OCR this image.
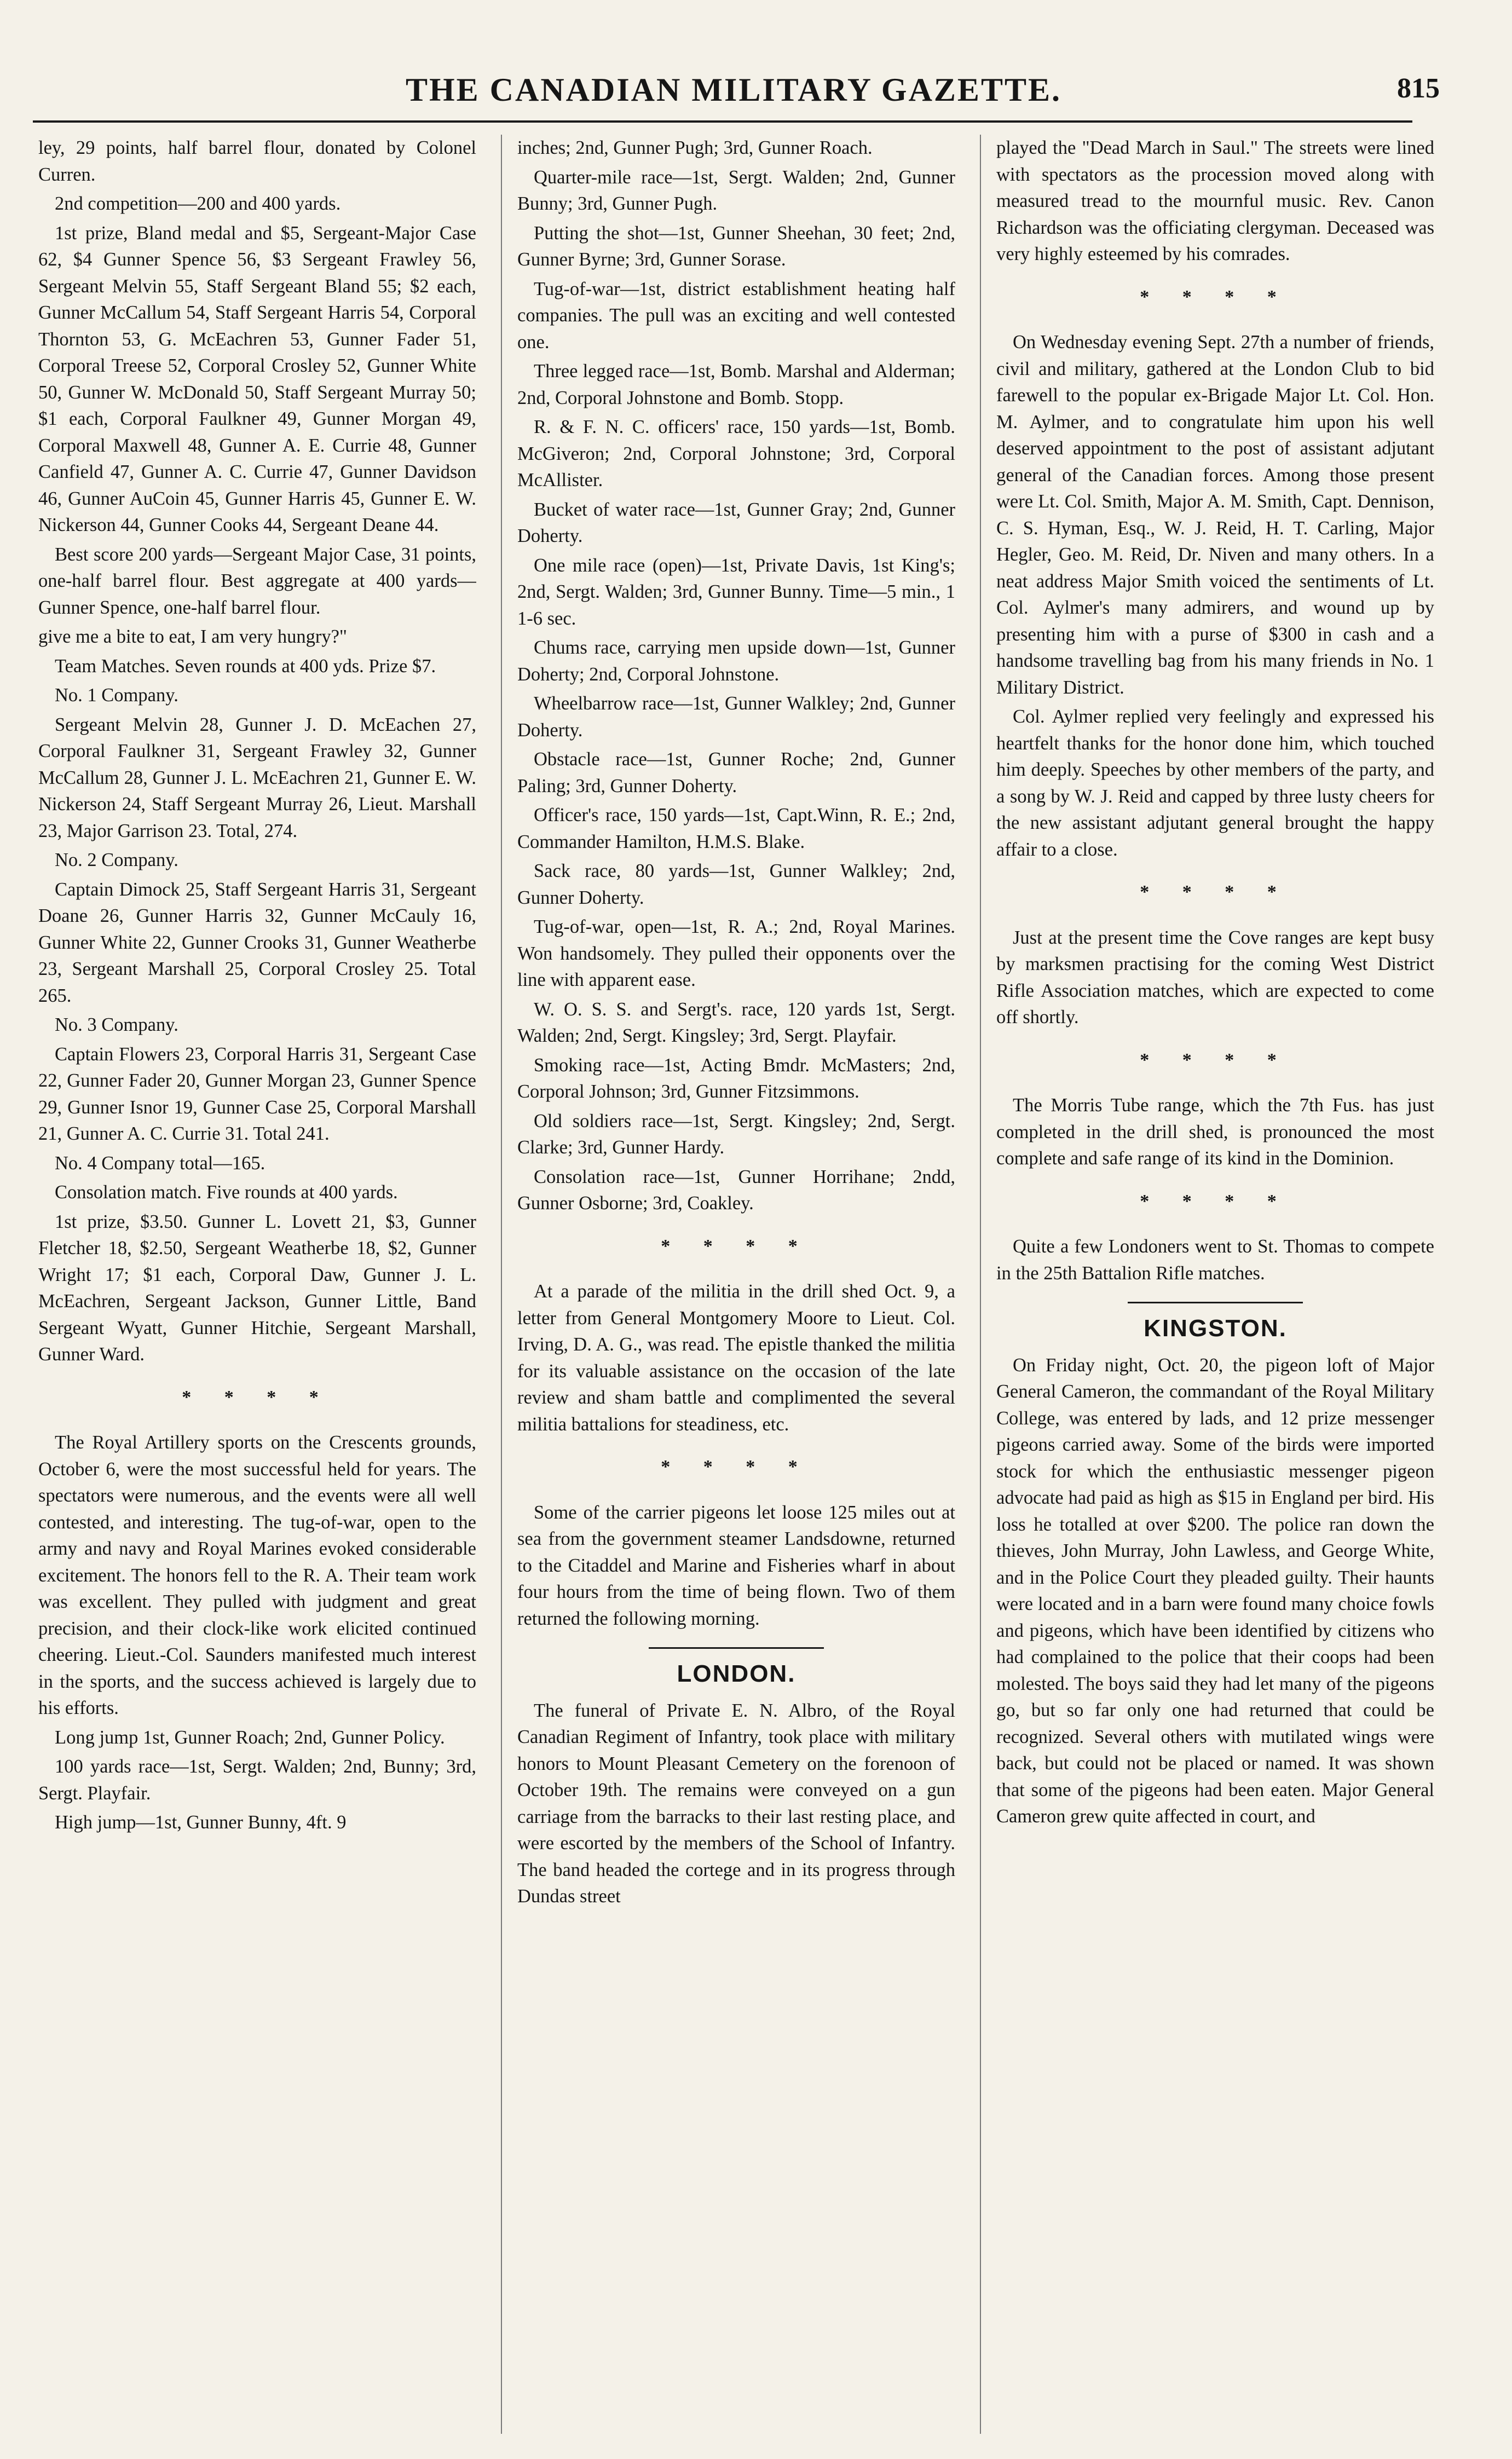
THE CANADIAN MILITARY GAZETTE.	815

ley, 29 points, half barrel flour, donated by Colonel Curren.

2nd competition—200 and 400 yards.

1st prize, Bland medal and $5, Sergeant-Major Case 62, $4 Gunner Spence 56, $3 Sergeant Frawley 56, Sergeant Melvin 55, Staff Sergeant Bland 55; $2 each, Gunner McCallum 54, Staff Sergeant Harris 54, Corporal Thornton 53, G. McEachren 53, Gunner Fader 51, Corporal Treese 52, Corporal Crosley 52, Gunner White 50, Gunner W. McDonald 50, Staff Sergeant Murray 50; $1 each, Corporal Faulkner 49, Gunner Morgan 49, Corporal Maxwell 48, Gunner A. E. Currie 48, Gunner Canfield 47, Gunner A. C. Currie 47, Gunner Davidson 46, Gunner AuCoin 45, Gunner Harris 45, Gunner E. W. Nickerson 44, Gunner Cooks 44, Sergeant Deane 44.

Best score 200 yards—Sergeant Major Case, 31 points, one-half barrel flour. Best aggregate at 400 yards—Gunner Spence, one-half barrel flour.

give me a bite to eat, I am very hungry?"

Team Matches. Seven rounds at 400 yds. Prize $7.

No. 1 Company.

Sergeant Melvin 28, Gunner J. D. McEachen 27, Corporal Faulkner 31, Sergeant Frawley 32, Gunner McCallum 28, Gunner J. L. McEachren 21, Gunner E. W. Nickerson 24, Staff Sergeant Murray 26, Lieut. Marshall 23, Major Garrison 23. Total, 274.

No. 2 Company.

Captain Dimock 25, Staff Sergeant Harris 31, Sergeant Doane 26, Gunner Harris 32, Gunner McCauly 16, Gunner White 22, Gunner Crooks 31, Gunner Weatherbe 23, Sergeant Marshall 25, Corporal Crosley 25. Total 265.

No. 3 Company.

Captain Flowers 23, Corporal Harris 31, Sergeant Case 22, Gunner Fader 20, Gunner Morgan 23, Gunner Spence 29, Gunner Isnor 19, Gunner Case 25, Corporal Marshall 21, Gunner A. C. Currie 31. Total 241.

No. 4 Company total—165.

Consolation match. Five rounds at 400 yards.

1st prize, $3.50. Gunner L. Lovett 21, $3, Gunner Fletcher 18, $2.50, Sergeant Weatherbe 18, $2, Gunner Wright 17; $1 each, Corporal Daw, Gunner J. L. McEachren, Sergeant Jackson, Gunner Little, Band Sergeant Wyatt, Gunner Hitchie, Sergeant Marshall, Gunner Ward.

* * * *

The Royal Artillery sports on the Crescents grounds, October 6, were the most successful held for years. The spectators were numerous, and the events were all well contested, and interesting. The tug-of-war, open to the army and navy and Royal Marines evoked considerable excitement. The honors fell to the R. A. Their team work was excellent. They pulled with judgment and great precision, and their clock-like work elicited continued cheering. Lieut.-Col. Saunders manifested much interest in the sports, and the success achieved is largely due to his efforts.

Long jump 1st, Gunner Roach; 2nd, Gunner Policy.

100 yards race—1st, Sergt. Walden; 2nd, Bunny; 3rd, Sergt. Playfair.

High jump—1st, Gunner Bunny, 4ft. 9

inches; 2nd, Gunner Pugh; 3rd, Gunner Roach.

Quarter-mile race—1st, Sergt. Walden; 2nd, Gunner Bunny; 3rd, Gunner Pugh.

Putting the shot—1st, Gunner Sheehan, 30 feet; 2nd, Gunner Byrne; 3rd, Gunner Sorase.

Tug-of-war—1st, district establishment heating half companies. The pull was an exciting and well contested one.

Three legged race—1st, Bomb. Marshal and Alderman; 2nd, Corporal Johnstone and Bomb. Stopp.

R. & F. N. C. officers' race, 150 yards—1st, Bomb. McGiveron; 2nd, Corporal Johnstone; 3rd, Corporal McAllister.

Bucket of water race—1st, Gunner Gray; 2nd, Gunner Doherty.

One mile race (open)—1st, Private Davis, 1st King's; 2nd, Sergt. Walden; 3rd, Gunner Bunny. Time—5 min., 1 1-6 sec.

Chums race, carrying men upside down—1st, Gunner Doherty; 2nd, Corporal Johnstone.

Wheelbarrow race—1st, Gunner Walkley; 2nd, Gunner Doherty.

Obstacle race—1st, Gunner Roche; 2nd, Gunner Paling; 3rd, Gunner Doherty.

Officer's race, 150 yards—1st, Capt.Winn, R. E.; 2nd, Commander Hamilton, H.M.S. Blake.

Sack race, 80 yards—1st, Gunner Walkley; 2nd, Gunner Doherty.

Tug-of-war, open—1st, R. A.; 2nd, Royal Marines. Won handsomely. They pulled their opponents over the line with apparent ease.

W. O. S. S. and Sergt's. race, 120 yards 1st, Sergt. Walden; 2nd, Sergt. Kingsley; 3rd, Sergt. Playfair.

Smoking race—1st, Acting Bmdr. McMasters; 2nd, Corporal Johnson; 3rd, Gunner Fitzsimmons.

Old soldiers race—1st, Sergt. Kingsley; 2nd, Sergt. Clarke; 3rd, Gunner Hardy.

Consolation race—1st, Gunner Horrihane; 2ndd, Gunner Osborne; 3rd, Coakley.

* * * *

At a parade of the militia in the drill shed Oct. 9, a letter from General Montgomery Moore to Lieut. Col. Irving, D. A. G., was read. The epistle thanked the militia for its valuable assistance on the occasion of the late review and sham battle and complimented the several militia battalions for steadiness, etc.

* * * *

Some of the carrier pigeons let loose 125 miles out at sea from the government steamer Landsdowne, returned to the Citaddel and Marine and Fisheries wharf in about four hours from the time of being flown. Two of them returned the following morning.

LONDON.

The funeral of Private E. N. Albro, of the Royal Canadian Regiment of Infantry, took place with military honors to Mount Pleasant Cemetery on the forenoon of October 19th. The remains were conveyed on a gun carriage from the barracks to their last resting place, and were escorted by the members of the School of Infantry. The band headed the cortege and in its progress through Dundas street

played the "Dead March in Saul." The streets were lined with spectators as the procession moved along with measured tread to the mournful music. Rev. Canon Richardson was the officiating clergyman. Deceased was very highly esteemed by his comrades.

* * * *

On Wednesday evening Sept. 27th a number of friends, civil and military, gathered at the London Club to bid farewell to the popular ex-Brigade Major Lt. Col. Hon. M. Aylmer, and to congratulate him upon his well deserved appointment to the post of assistant adjutant general of the Canadian forces. Among those present were Lt. Col. Smith, Major A. M. Smith, Capt. Dennison, C. S. Hyman, Esq., W. J. Reid, H. T. Carling, Major Hegler, Geo. M. Reid, Dr. Niven and many others. In a neat address Major Smith voiced the sentiments of Lt. Col. Aylmer's many admirers, and wound up by presenting him with a purse of $300 in cash and a handsome travelling bag from his many friends in No. 1 Military District.

Col. Aylmer replied very feelingly and expressed his heartfelt thanks for the honor done him, which touched him deeply. Speeches by other members of the party, and a song by W. J. Reid and capped by three lusty cheers for the new assistant adjutant general brought the happy affair to a close.

* * * *

Just at the present time the Cove ranges are kept busy by marksmen practising for the coming West District Rifle Association matches, which are expected to come off shortly.

* * * *

The Morris Tube range, which the 7th Fus. has just completed in the drill shed, is pronounced the most complete and safe range of its kind in the Dominion.

* * * *

Quite a few Londoners went to St. Thomas to compete in the 25th Battalion Rifle matches.

KINGSTON.

On Friday night, Oct. 20, the pigeon loft of Major General Cameron, the commandant of the Royal Military College, was entered by lads, and 12 prize messenger pigeons carried away. Some of the birds were imported stock for which the enthusiastic messenger pigeon advocate had paid as high as $15 in England per bird. His loss he totalled at over $200. The police ran down the thieves, John Murray, John Lawless, and George White, and in the Police Court they pleaded guilty. Their haunts were located and in a barn were found many choice fowls and pigeons, which have been identified by citizens who had complained to the police that their coops had been molested. The boys said they had let many of the pigeons go, but so far only one had returned that could be recognized. Several others with mutilated wings were back, but could not be placed or named. It was shown that some of the pigeons had been eaten. Major General Cameron grew quite affected in court, and
